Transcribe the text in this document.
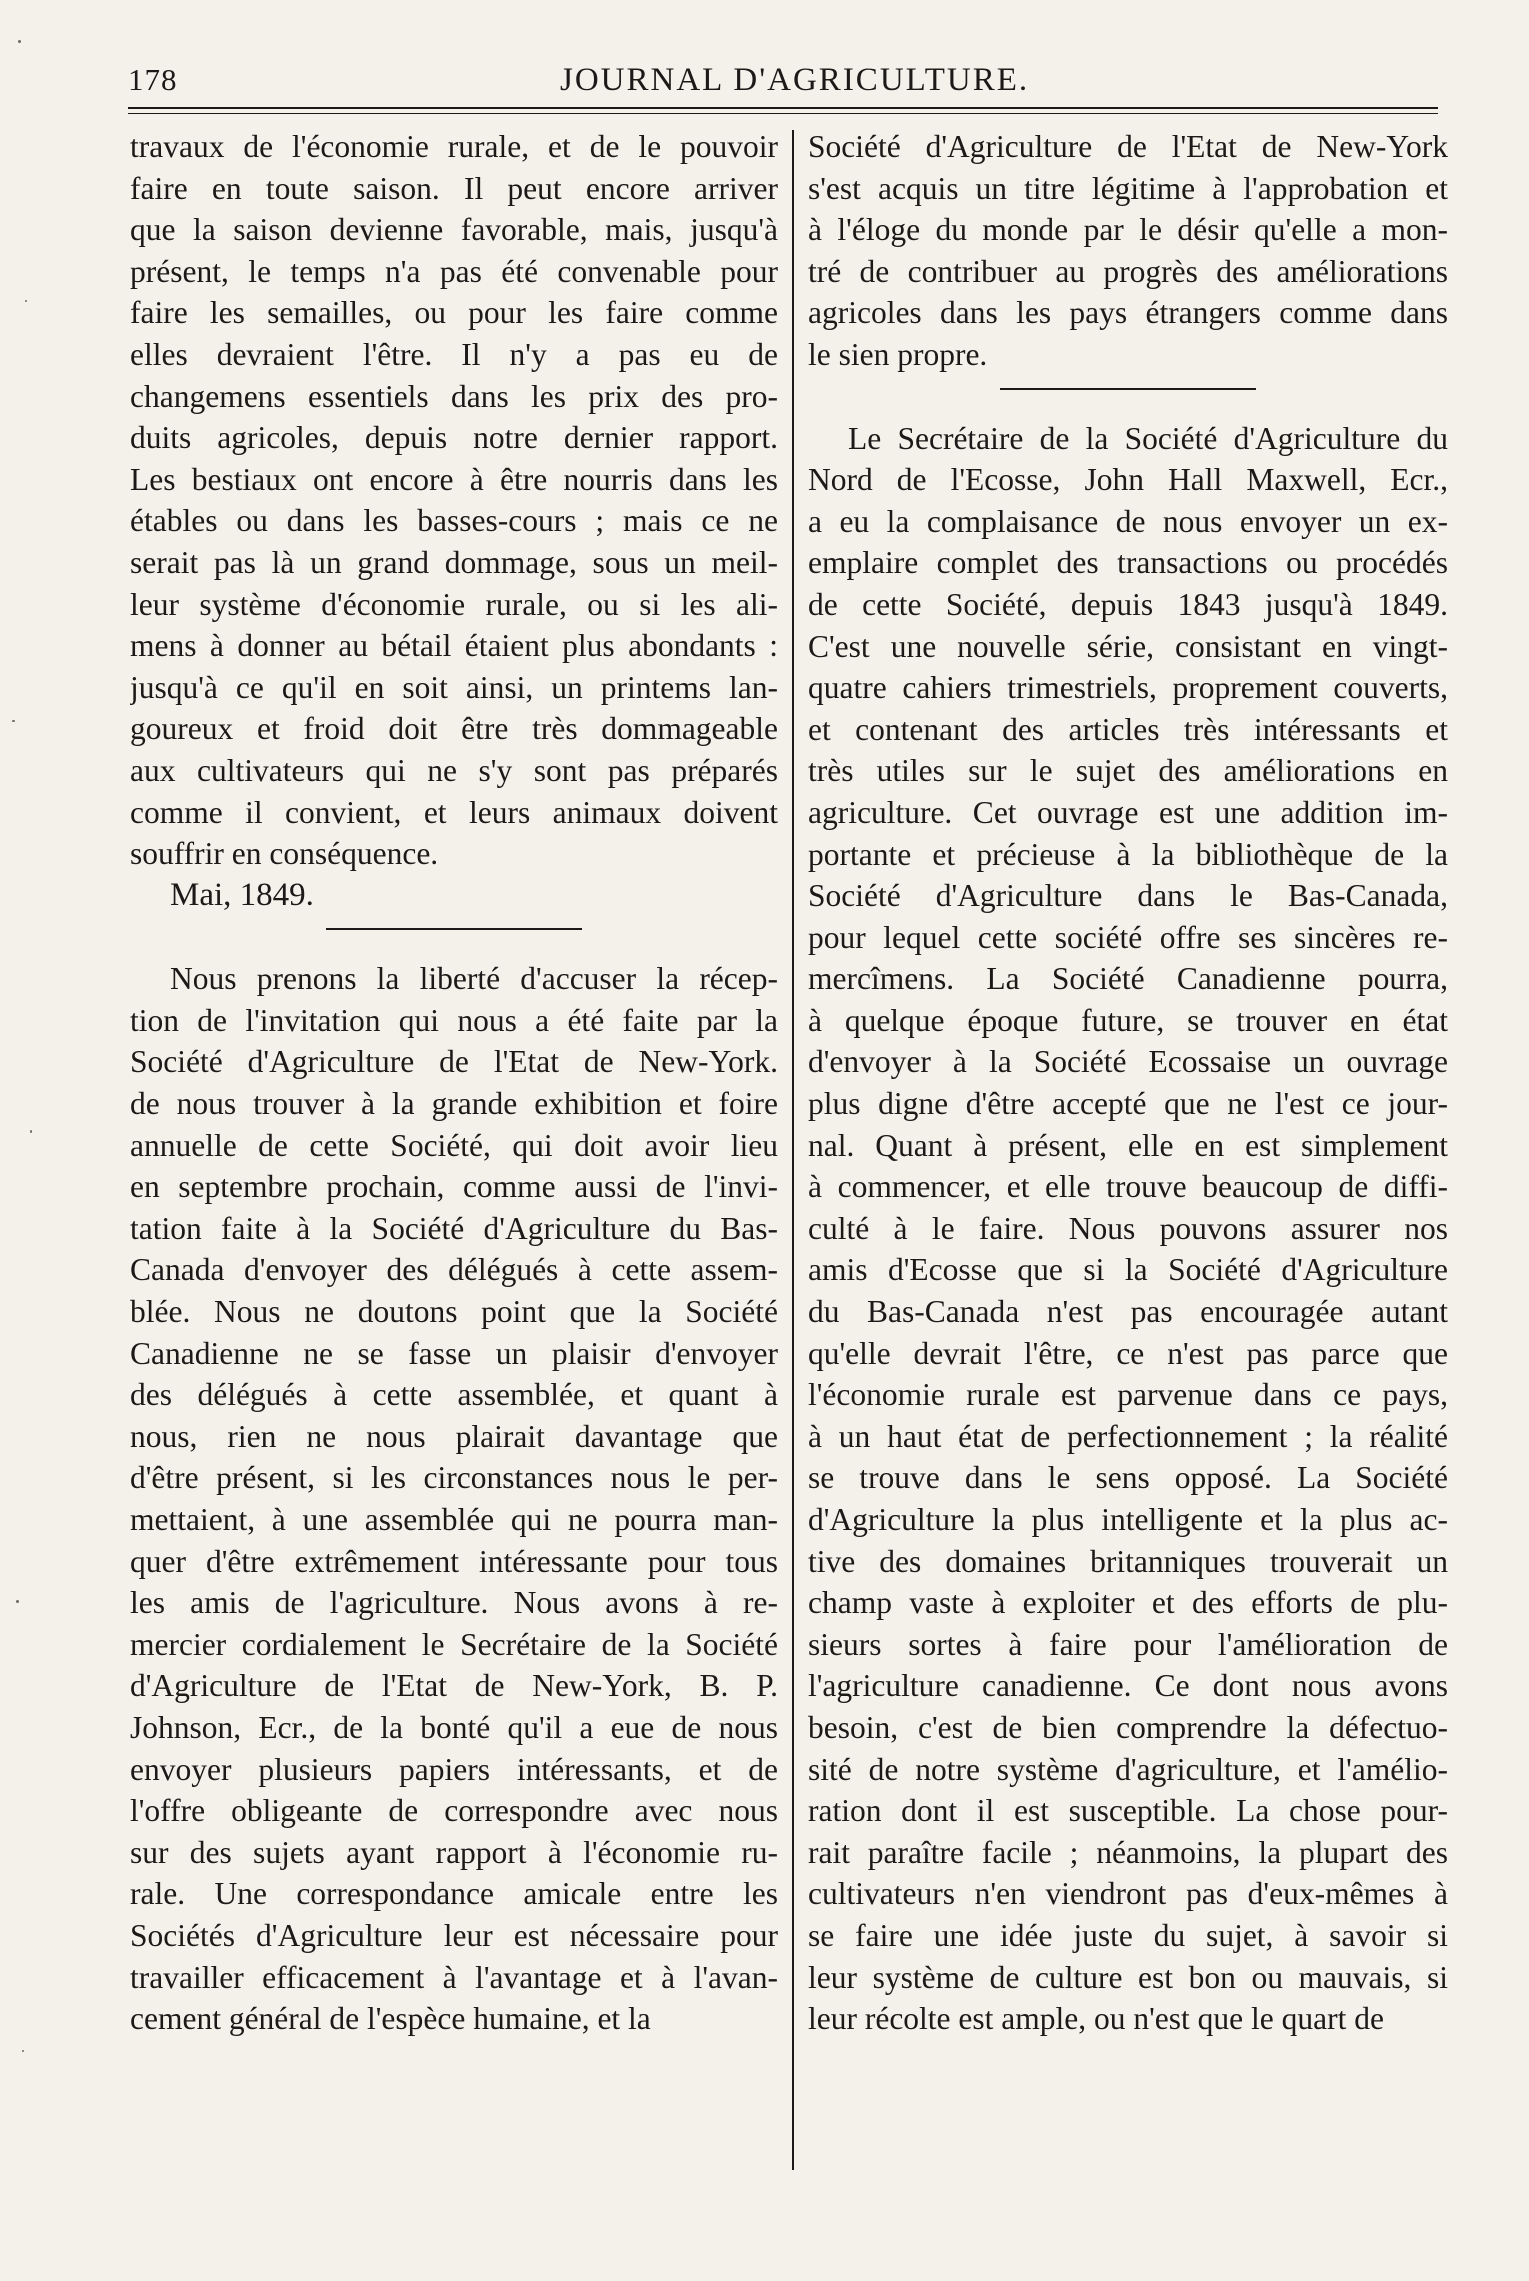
178	JOURNAL D'AGRICULTURE.
travaux de l'économie rurale, et de le pouvoir
faire en toute saison. Il peut encore arriver
que la saison devienne favorable, mais, jusqu'à
présent, le temps n'a pas été convenable pour
faire les semailles, ou pour les faire comme
elles devraient l'être. Il n'y a pas eu de
changemens essentiels dans les prix des pro-
duits agricoles, depuis notre dernier rapport.
Les bestiaux ont encore à être nourris dans les
étables ou dans les basses-cours ; mais ce ne
serait pas là un grand dommage, sous un meil-
leur système d'économie rurale, ou si les ali-
mens à donner au bétail étaient plus abondants :
jusqu'à ce qu'il en soit ainsi, un printems lan-
goureux et froid doit être très dommageable
aux cultivateurs qui ne s'y sont pas préparés
comme il convient, et leurs animaux doivent
souffrir en conséquence.
Mai, 1849.
Nous prenons la liberté d'accuser la récep-
tion de l'invitation qui nous a été faite par la
Société d'Agriculture de l'Etat de New-York.
de nous trouver à la grande exhibition et foire
annuelle de cette Société, qui doit avoir lieu
en septembre prochain, comme aussi de l'invi-
tation faite à la Société d'Agriculture du Bas-
Canada d'envoyer des délégués à cette assem-
blée. Nous ne doutons point que la Société
Canadienne ne se fasse un plaisir d'envoyer
des délégués à cette assemblée, et quant à
nous, rien ne nous plairait davantage que
d'être présent, si les circonstances nous le per-
mettaient, à une assemblée qui ne pourra man-
quer d'être extrêmement intéressante pour tous
les amis de l'agriculture. Nous avons à re-
mercier cordialement le Secrétaire de la Société
d'Agriculture de l'Etat de New-York, B. P.
Johnson, Ecr., de la bonté qu'il a eue de nous
envoyer plusieurs papiers intéressants, et de
l'offre obligeante de correspondre avec nous
sur des sujets ayant rapport à l'économie ru-
rale. Une correspondance amicale entre les
Sociétés d'Agriculture leur est nécessaire pour
travailler efficacement à l'avantage et à l'avan-
cement général de l'espèce humaine, et la
Société d'Agriculture de l'Etat de New-York
s'est acquis un titre légitime à l'approbation et
à l'éloge du monde par le désir qu'elle a mon-
tré de contribuer au progrès des améliorations
agricoles dans les pays étrangers comme dans
le sien propre.
Le Secrétaire de la Société d'Agriculture du
Nord de l'Ecosse, John Hall Maxwell, Ecr.,
a eu la complaisance de nous envoyer un ex-
emplaire complet des transactions ou procédés
de cette Société, depuis 1843 jusqu'à 1849.
C'est une nouvelle série, consistant en vingt-
quatre cahiers trimestriels, proprement couverts,
et contenant des articles très intéressants et
très utiles sur le sujet des améliorations en
agriculture. Cet ouvrage est une addition im-
portante et précieuse à la bibliothèque de la
Société d'Agriculture dans le Bas-Canada,
pour lequel cette société offre ses sincères re-
mercîmens. La Société Canadienne pourra,
à quelque époque future, se trouver en état
d'envoyer à la Société Ecossaise un ouvrage
plus digne d'être accepté que ne l'est ce jour-
nal. Quant à présent, elle en est simplement
à commencer, et elle trouve beaucoup de diffi-
culté à le faire. Nous pouvons assurer nos
amis d'Ecosse que si la Société d'Agriculture
du Bas-Canada n'est pas encouragée autant
qu'elle devrait l'être, ce n'est pas parce que
l'économie rurale est parvenue dans ce pays,
à un haut état de perfectionnement ; la réalité
se trouve dans le sens opposé. La Société
d'Agriculture la plus intelligente et la plus ac-
tive des domaines britanniques trouverait un
champ vaste à exploiter et des efforts de plu-
sieurs sortes à faire pour l'amélioration de
l'agriculture canadienne. Ce dont nous avons
besoin, c'est de bien comprendre la défectuo-
sité de notre système d'agriculture, et l'amélio-
ration dont il est susceptible. La chose pour-
rait paraître facile ; néanmoins, la plupart des
cultivateurs n'en viendront pas d'eux-mêmes à
se faire une idée juste du sujet, à savoir si
leur système de culture est bon ou mauvais, si
leur récolte est ample, ou n'est que le quart de
